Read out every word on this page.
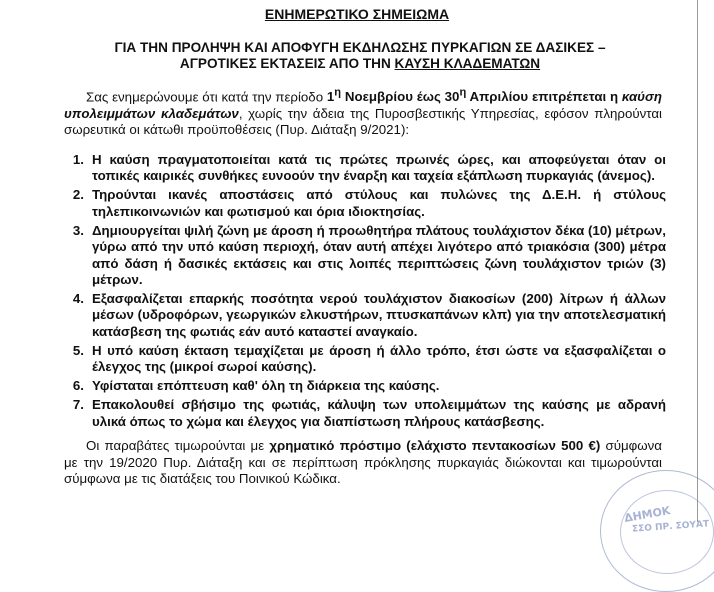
ΕΝΗΜΕΡΩΤΙΚΟ ΣΗΜΕΙΩΜΑ
ΓΙΑ ΤΗΝ ΠΡΟΛΗΨΗ ΚΑΙ ΑΠΟΦΥΓΗ ΕΚΔΗΛΩΣΗΣ ΠΥΡΚΑΓΙΩΝ ΣΕ ΔΑΣΙΚΕΣ –
ΑΓΡΟΤΙΚΕΣ ΕΚΤΑΣΕΙΣ ΑΠΟ ΤΗΝ ΚΑΥΣΗ ΚΛΑΔΕΜΑΤΩΝ
Σας ενημερώνουμε ότι κατά την περίοδο $1^\eta$ Νοεμβρίου έως $30^\eta$ Απριλίου επιτρέπεται η καύση υπολειμμάτων κλαδεμάτων, χωρίς την άδεια της Πυροσβεστικής Υπηρεσίας, εφόσον πληρούνται σωρευτικά οι κάτωθι προϋποθέσεις (Πυρ. Διάταξη 9/2021):
1. Η καύση πραγματοποιείται κατά τις πρώτες πρωινές ώρες, και αποφεύγεται όταν οι τοπικές καιρικές συνθήκες ευνοούν την έναρξη και ταχεία εξάπλωση πυρκαγιάς (άνεμος).
2. Τηρούνται ικανές αποστάσεις από στύλους και πυλώνες της Δ.Ε.Η. ή στύλους τηλεπικοινωνιών και φωτισμού και όρια ιδιοκτησίας.
3. Δημιουργείται ψιλή ζώνη με άροση ή προωθητήρα πλάτους τουλάχιστον δέκα (10) μέτρων, γύρω από την υπό καύση περιοχή, όταν αυτή απέχει λιγότερο από τριακόσια (300) μέτρα από δάση ή δασικές εκτάσεις και στις λοιπές περιπτώσεις ζώνη τουλάχιστον τριών (3) μέτρων.
4. Εξασφαλίζεται επαρκής ποσότητα νερού τουλάχιστον διακοσίων (200) λίτρων ή άλλων μέσων (υδροφόρων, γεωργικών ελκυστήρων, πτυσκαπάνων κλπ) για την αποτελεσματική κατάσβεση της φωτιάς εάν αυτό καταστεί αναγκαίο.
5. Η υπό καύση έκταση τεμαχίζεται με άροση ή άλλο τρόπο, έτσι ώστε να εξασφαλίζεται ο έλεγχος της (μικροί σωροί καύσης).
6. Υφίσταται επόπτευση καθ' όλη τη διάρκεια της καύσης.
7. Επακολουθεί σβήσιμο της φωτιάς, κάλυψη των υπολειμμάτων της καύσης με αδρανή υλικά όπως το χώμα και έλεγχος για διαπίστωση πλήρους κατάσβεσης.
Οι παραβάτες τιμωρούνται με χρηματικό πρόστιμο (ελάχιστο πεντακοσίων 500 €) σύμφωνα με την 19/2020 Πυρ. Διάταξη και σε περίπτωση πρόκλησης πυρκαγιάς διώκονται και τιμωρούνται σύμφωνα με τις διατάξεις του Ποινικού Κώδικα.
ΔΗΜΟΚ
ΣΣΟ ΠΡ. ΣΟΥΑΤ
